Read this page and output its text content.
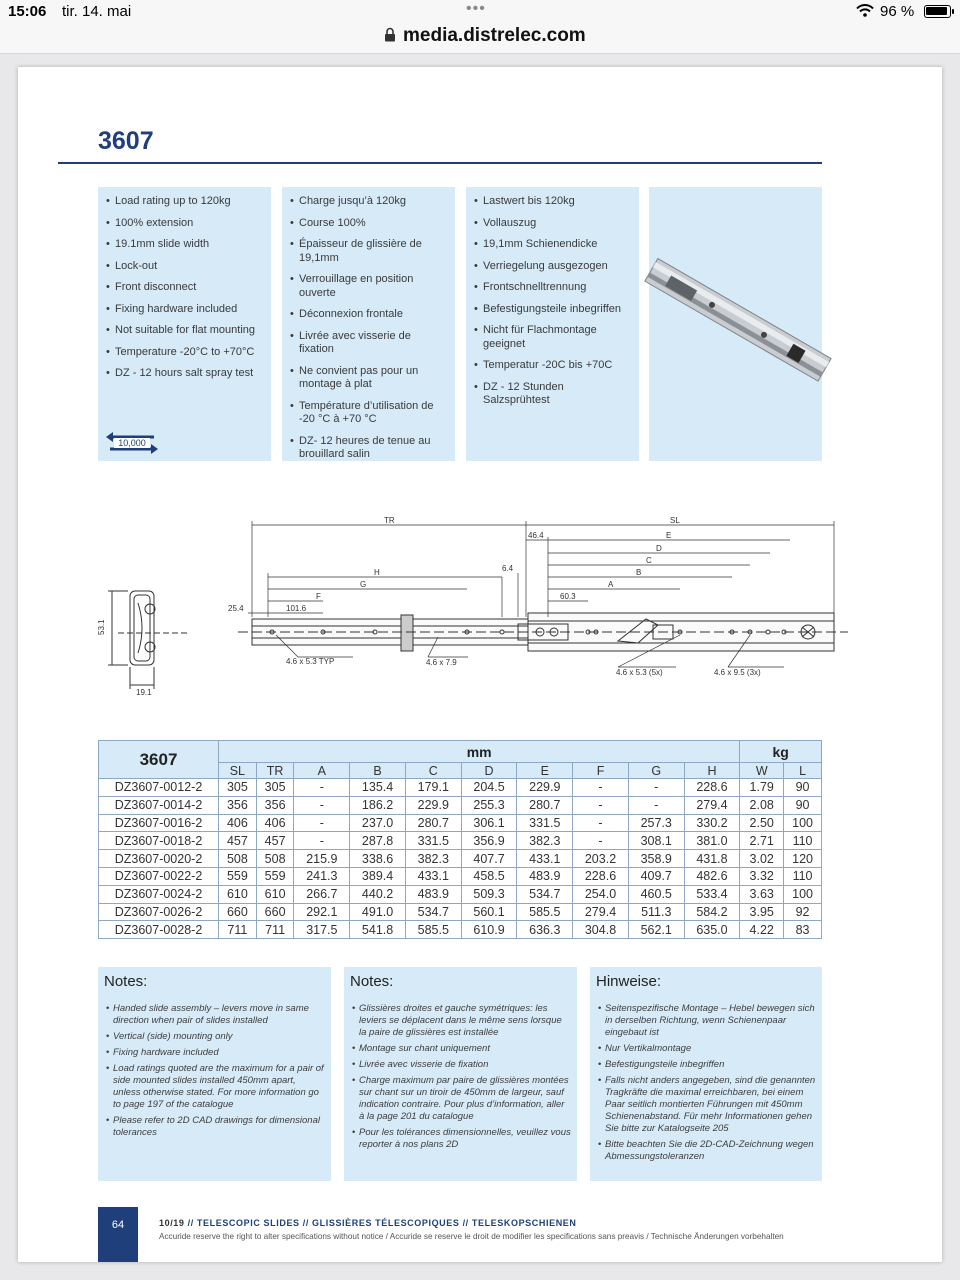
15:06 tir. 14. mai	•••	96 %
media.distrelec.com
3607
• Load rating up to 120kg
• 100% extension
• 19.1mm slide width
• Lock-out
• Front disconnect
• Fixing hardware included
• Not suitable for flat mounting
• Temperature -20°C to +70°C
• DZ - 12 hours salt spray test
• Charge jusqu’à 120kg
• Course 100%
• Épaisseur de glissière de 19,1mm
• Verrouillage en position ouverte
• Déconnexion frontale
• Livrée avec visserie de fixation
• Ne convient pas pour un montage à plat
• Température d’utilisation de -20 °C à +70 °C
• DZ- 12 heures de tenue au brouillard salin
• Lastwert bis 120kg
• Vollauszug
• 19,1mm Schienendicke
• Verriegelung ausgezogen
• Frontschnelltrennung
• Befestigungsteile inbegriffen
• Nicht für Flachmontage geeignet
• Temperatur -20C bis +70C
• DZ - 12 Stunden Salzsprühtest
10,000
53.1
19.1
TR	SL
46.4	E
D
C
B
A
60.3
6.4
H
G
F
25.4	101.6
4.6 x 5.3 TYP	4.6 x 7.9
4.6 x 5.3 (5x)	4.6 x 9.5 (3x)
3607	mm										kg	
	SL	TR	A	B	C	D	E	F	G	H	W	L
DZ3607-0012-2	305	305	-	135.4	179.1	204.5	229.9	-	-	228.6	1.79	90
DZ3607-0014-2	356	356	-	186.2	229.9	255.3	280.7	-	-	279.4	2.08	90
DZ3607-0016-2	406	406	-	237.0	280.7	306.1	331.5	-	257.3	330.2	2.50	100
DZ3607-0018-2	457	457	-	287.8	331.5	356.9	382.3	-	308.1	381.0	2.71	110
DZ3607-0020-2	508	508	215.9	338.6	382.3	407.7	433.1	203.2	358.9	431.8	3.02	120
DZ3607-0022-2	559	559	241.3	389.4	433.1	458.5	483.9	228.6	409.7	482.6	3.32	110
DZ3607-0024-2	610	610	266.7	440.2	483.9	509.3	534.7	254.0	460.5	533.4	3.63	100
DZ3607-0026-2	660	660	292.1	491.0	534.7	560.1	585.5	279.4	511.3	584.2	3.95	92
DZ3607-0028-2	711	711	317.5	541.8	585.5	610.9	636.3	304.8	562.1	635.0	4.22	83
Notes:
• Handed slide assembly – levers move in same direction when pair of slides installed
• Vertical (side) mounting only
• Fixing hardware included
• Load ratings quoted are the maximum for a pair of side mounted slides installed 450mm apart, unless otherwise stated. For more information go to page 197 of the catalogue
• Please refer to 2D CAD drawings for dimensional tolerances
Notes:
• Glissières droites et gauche symétriques: les leviers se déplacent dans le même sens lorsque la paire de glissières est installée
• Montage sur chant uniquement
• Livrée avec visserie de fixation
• Charge maximum par paire de glissières montées sur chant sur un tiroir de 450mm de largeur, sauf indication contraire. Pour plus d’information, aller à la page 201 du catalogue
• Pour les tolérances dimensionnelles, veuillez vous reporter à nos plans 2D
Hinweise:
• Seitenspezifische Montage – Hebel bewegen sich in derselben Richtung, wenn Schienenpaar eingebaut ist
• Nur Vertikalmontage
• Befestigungsteile inbegriffen
• Falls nicht anders angegeben, sind die genannten Tragkräfte die maximal erreichbaren, bei einem Paar seitlich montierten Führungen mit 450mm Schienenabstand. Für mehr Informationen gehen Sie bitte zur Katalogseite 205
• Bitte beachten Sie die 2D-CAD-Zeichnung wegen Abmessungstoleranzen
64	10/19 // TELESCOPIC SLIDES // GLISSIÈRES TÉLESCOPIQUES // TELESKOPSCHIENEN
Accuride reserve the right to alter specifications without notice / Accuride se reserve le droit de modifier les specifications sans preavis / Technische Änderungen vorbehalten
